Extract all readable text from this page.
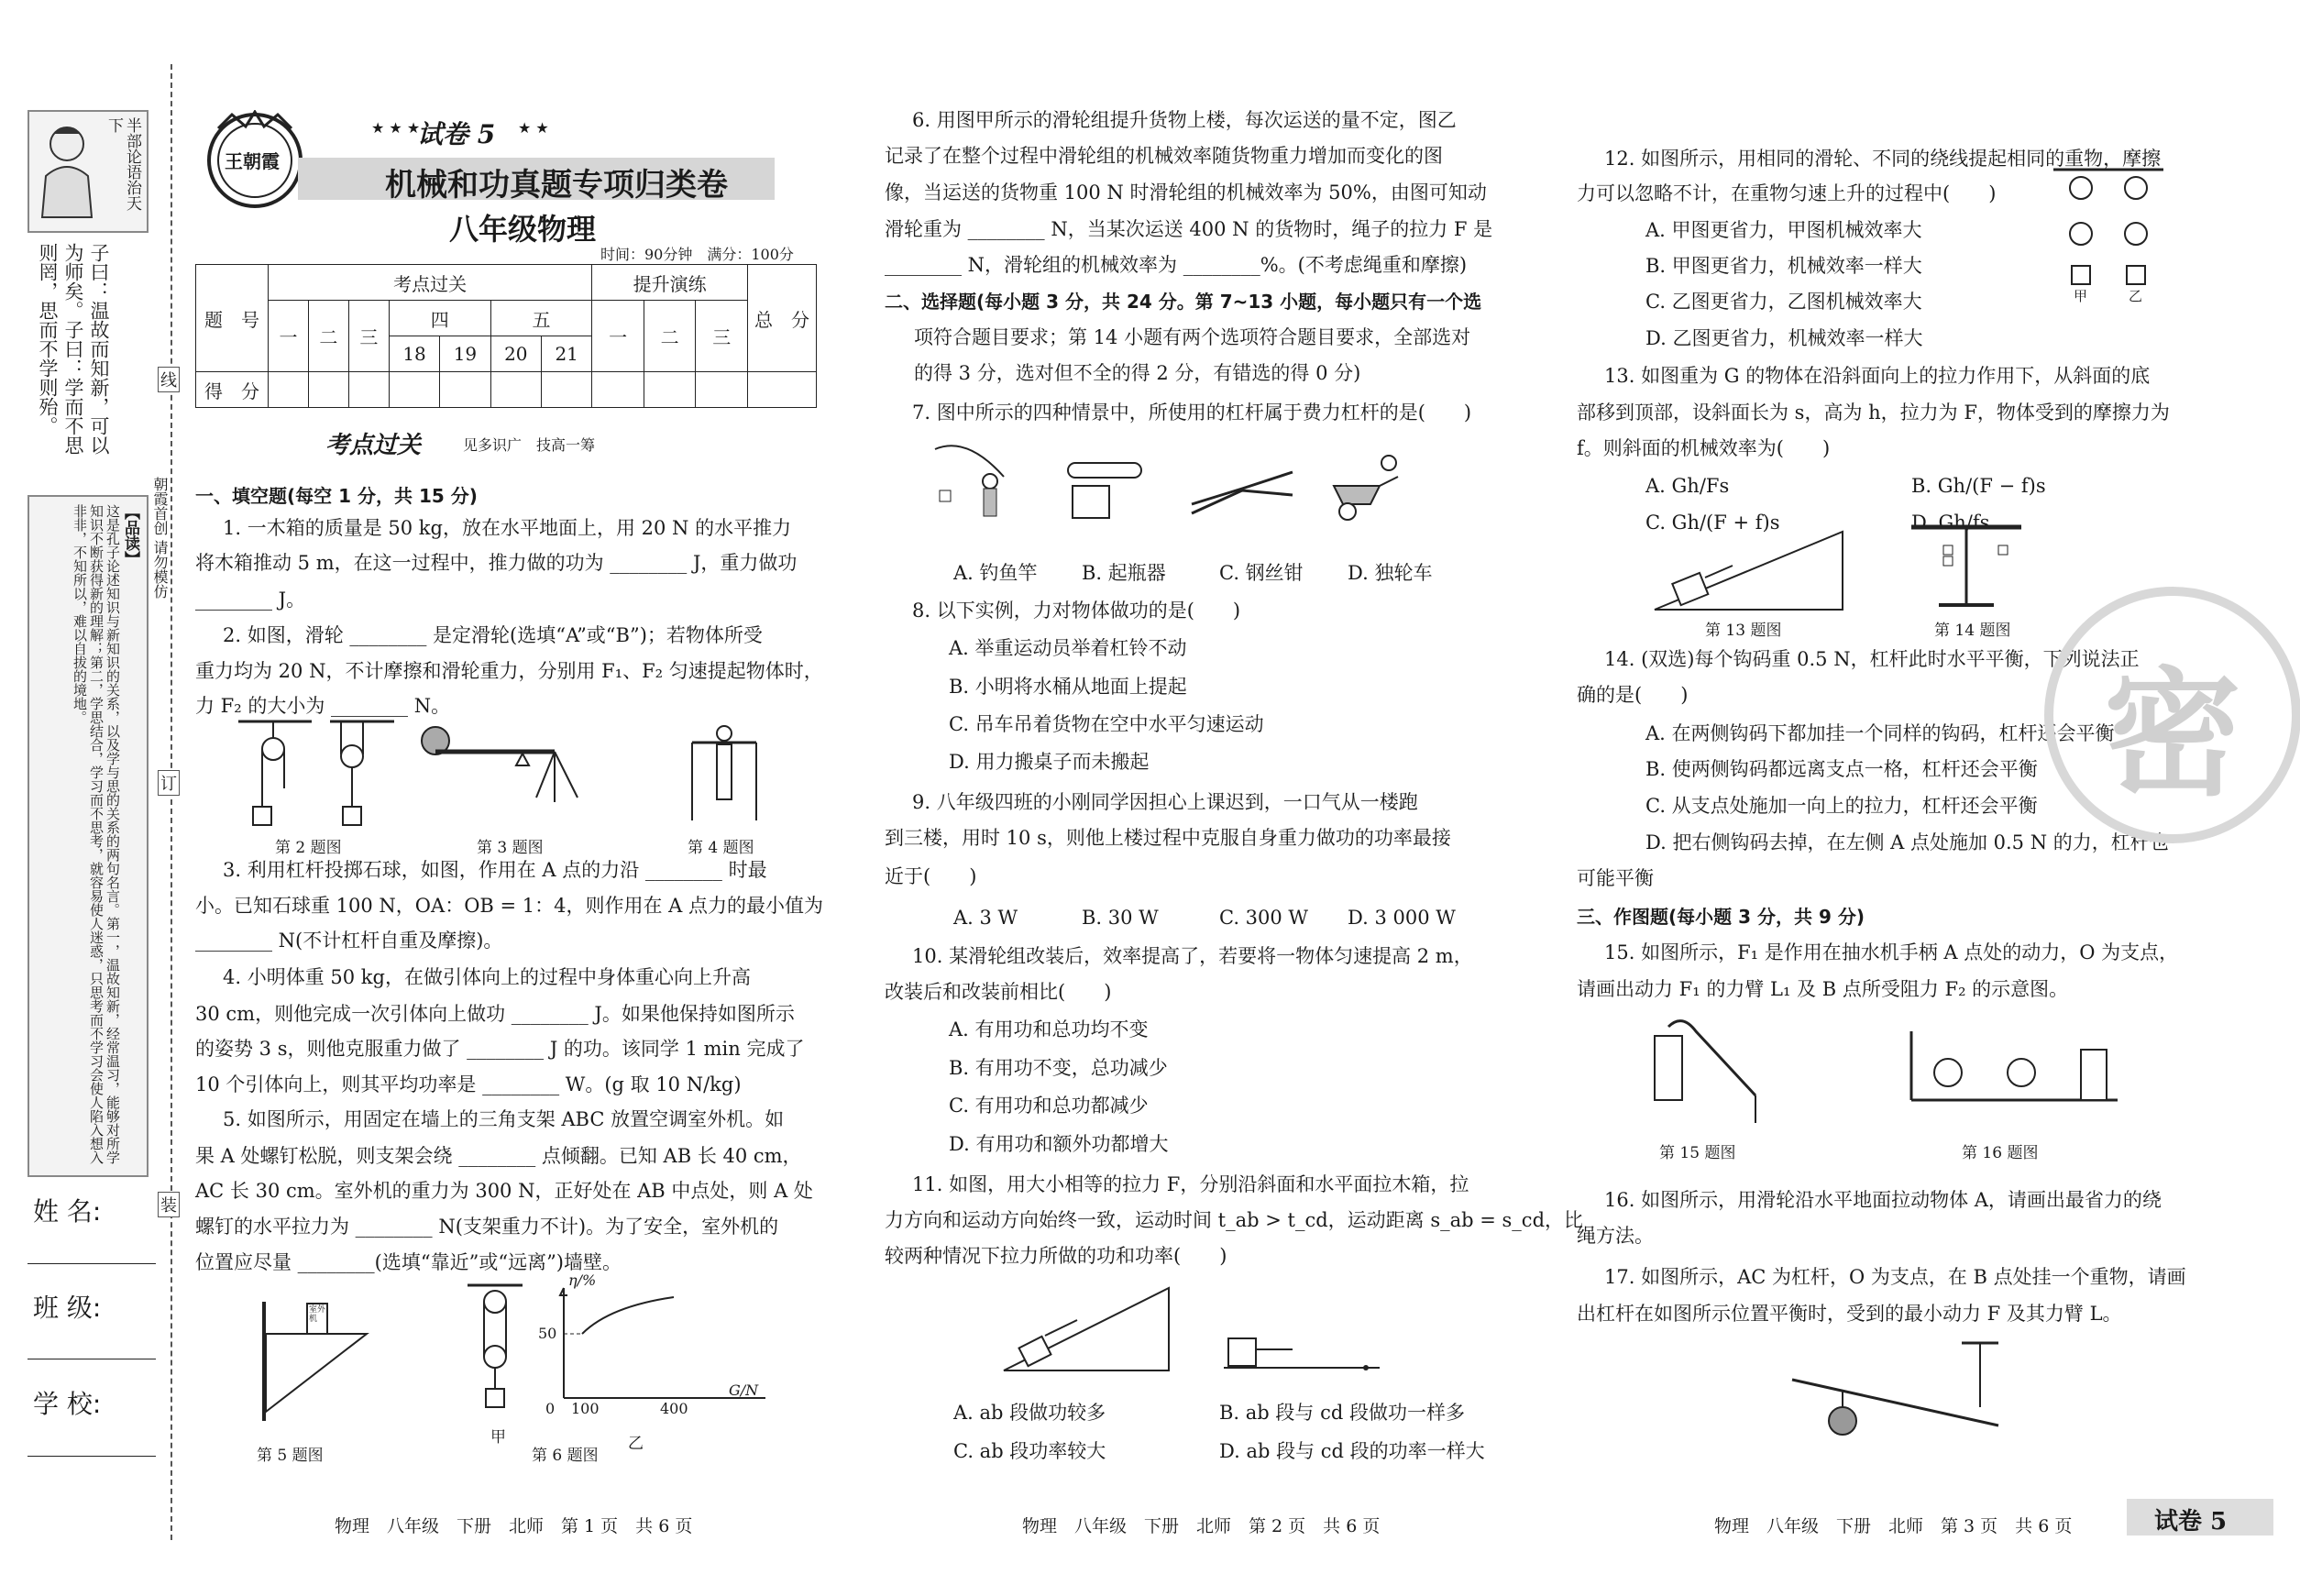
半部论语治天下
子曰：温故而知新，可以为师矣。子曰：学而不思则罔，思而不学则殆。
【品读】
这是孔子论述知识与新知识的关系，以及学与思的关系的两句名言。第一，温故知新，经常温习，能够对所学知识不断获得新的理解；第二，学思结合，学习而不思考，就容易使人迷惑，只思考而不学习会使人陷入想入非非，不知所以，难以自拔的境地。
姓 名:
班 级:
学 校:
线
订
装
朝霞首创 请勿模仿
王朝霞
试卷 5
★ ★ ★	★ ★
机械和功真题专项归类卷
八年级物理
时间：90分钟　满分：100分
题　号	考点过关							提升演练			总　分
	一	二	三	四		五		一	二	三	
				18	19	20	21				
得　分											
考点过关	见多识广　技高一筹
一、填空题(每空 1 分，共 15 分)
1. 一木箱的质量是 50 kg，放在水平地面上，用 20 N 的水平推力
将木箱推动 5 m，在这一过程中，推力做的功为 ________ J，重力做功
________ J。
2. 如图，滑轮 ________ 是定滑轮(选填“A”或“B”)；若物体所受
重力均为 20 N，不计摩擦和滑轮重力，分别用 F₁、F₂ 匀速提起物体时，
力 F₂ 的大小为 ________ N。
3. 利用杠杆投掷石球，如图，作用在 A 点的力沿 ________ 时最
小。已知石球重 100 N，OA：OB = 1：4，则作用在 A 点力的最小值为
________ N(不计杠杆自重及摩擦)。
4. 小明体重 50 kg，在做引体向上的过程中身体重心向上升高
30 cm，则他完成一次引体向上做功 ________ J。如果他保持如图所示
的姿势 3 s，则他克服重力做了 ________ J 的功。该同学 1 min 完成了
10 个引体向上，则其平均功率是 ________ W。(g 取 10 N/kg)
5. 如图所示，用固定在墙上的三角支架 ABC 放置空调室外机。如
果 A 处螺钉松脱，则支架会绕 ________ 点倾翻。已知 AB 长 40 cm，
AC 长 30 cm。室外机的重力为 300 N，正好处在 AB 中点处，则 A 处
螺钉的水平拉力为 ________ N(支架重力不计)。为了安全，室外机的
位置应尽量 ________(选填“靠近”或“远离”)墙壁。
第 2 题图	第 3 题图	第 4 题图
室外机
η/%
G/N
50
0 100	400
第 5 题图	第 6 题图
甲	乙
物理　八年级　下册　北师　第 1 页　共 6 页
6. 用图甲所示的滑轮组提升货物上楼，每次运送的量不定，图乙
记录了在整个过程中滑轮组的机械效率随货物重力增加而变化的图
像，当运送的货物重 100 N 时滑轮组的机械效率为 50%，由图可知动
滑轮重为 ________ N，当某次运送 400 N 的货物时，绳子的拉力 F 是
________ N，滑轮组的机械效率为 ________%。(不考虑绳重和摩擦)
二、选择题(每小题 3 分，共 24 分。第 7~13 小题，每小题只有一个选
项符合题目要求；第 14 小题有两个选项符合题目要求，全部选对
的得 3 分，选对但不全的得 2 分，有错选的得 0 分)
7. 图中所示的四种情景中，所使用的杠杆属于费力杠杆的是(　　)
A. 钓鱼竿 B. 起瓶器	C. 钢丝钳 D. 独轮车
8. 以下实例，力对物体做功的是(　　)
A. 举重运动员举着杠铃不动
B. 小明将水桶从地面上提起
C. 吊车吊着货物在空中水平匀速运动
D. 用力搬桌子而未搬起
9. 八年级四班的小刚同学因担心上课迟到，一口气从一楼跑
到三楼，用时 10 s，则他上楼过程中克服自身重力做功的功率最接
近于(　　)
A. 3 W	B. 30 W	C. 300 W D. 3 000 W
10. 某滑轮组改装后，效率提高了，若要将一物体匀速提高 2 m，
改装后和改装前相比(　　)
A. 有用功和总功均不变
B. 有用功不变，总功减少
C. 有用功和总功都减少
D. 有用功和额外功都增大
11. 如图，用大小相等的拉力 F，分别沿斜面和水平面拉木箱，拉
力方向和运动方向始终一致，运动时间 t_ab > t_cd，运动距离 s_ab = s_cd，比
较两种情况下拉力所做的功和功率(　　)
A. ab 段做功较多	B. ab 段与 cd 段做功一样多
C. ab 段功率较大	D. ab 段与 cd 段的功率一样大
物理　八年级　下册　北师　第 2 页　共 6 页
12. 如图所示，用相同的滑轮、不同的绕线提起相同的重物，摩擦
力可以忽略不计，在重物匀速上升的过程中(　　)
A. 甲图更省力，甲图机械效率大
B. 甲图更省力，机械效率一样大
C. 乙图更省力，乙图机械效率大
D. 乙图更省力，机械效率一样大
13. 如图重为 G 的物体在沿斜面向上的拉力作用下，从斜面的底
部移到顶部，设斜面长为 s，高为 h，拉力为 F，物体受到的摩擦力为
f。则斜面的机械效率为(　　)
甲	乙
A. Gh/Fs	B. Gh/(F − f)s
C. Gh/(F + f)s	D. Gh/fs
第 13 题图	第 14 题图
14. (双选)每个钩码重 0.5 N，杠杆此时水平平衡，下列说法正
确的是(　　)
A. 在两侧钩码下都加挂一个同样的钩码，杠杆还会平衡
B. 使两侧钩码都远离支点一格，杠杆还会平衡
C. 从支点处施加一向上的拉力，杠杆还会平衡
D. 把右侧钩码去掉，在左侧 A 点处施加 0.5 N 的力，杠杆也
可能平衡
三、作图题(每小题 3 分，共 9 分)
15. 如图所示，F₁ 是作用在抽水机手柄 A 点处的动力，O 为支点，
请画出动力 F₁ 的力臂 L₁ 及 B 点所受阻力 F₂ 的示意图。
第 15 题图	第 16 题图
16. 如图所示，用滑轮沿水平地面拉动物体 A，请画出最省力的绕
绳方法。
17. 如图所示，AC 为杠杆，O 为支点，在 B 点处挂一个重物，请画
出杠杆在如图所示位置平衡时，受到的最小动力 F 及其力臂 L。
物理　八年级　下册　北师　第 3 页　共 6 页	试卷 5
密
